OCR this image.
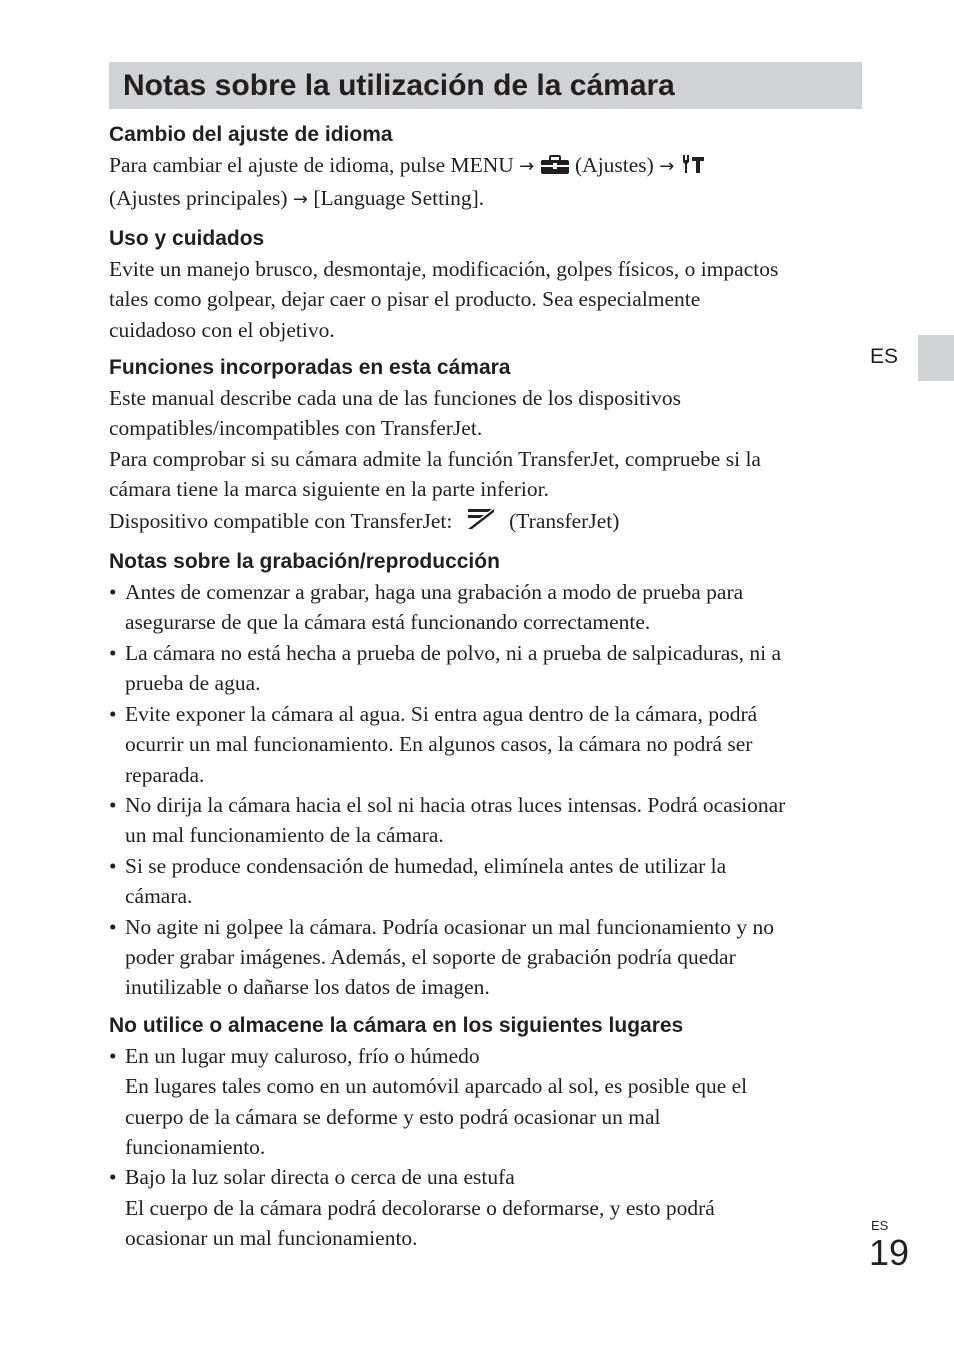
Notas sobre la utilización de la cámara
ES

Cambio del ajuste de idioma

Para cambiar el ajuste de idioma, pulse MENU → (Ajustes) →

(Ajustes principales) → [Language Setting].

Uso y cuidados

Evite un manejo brusco, desmontaje, modificación, golpes físicos, o impactos

tales como golpear, dejar caer o pisar el producto. Sea especialmente

cuidadoso con el objetivo.

Funciones incorporadas en esta cámara

Este manual describe cada una de las funciones de los dispositivos

compatibles/incompatibles con TransferJet.

Para comprobar si su cámara admite la función TransferJet, compruebe si la

cámara tiene la marca siguiente en la parte inferior.

Dispositivo compatible con TransferJet:	(TransferJet)

Notas sobre la grabación/reproducción

• Antes de comenzar a grabar, haga una grabación a modo de prueba para
asegurarse de que la cámara está funcionando correctamente.
• La cámara no está hecha a prueba de polvo, ni a prueba de salpicaduras, ni a
prueba de agua.
• Evite exponer la cámara al agua. Si entra agua dentro de la cámara, podrá
ocurrir un mal funcionamiento. En algunos casos, la cámara no podrá ser
reparada.
• No dirija la cámara hacia el sol ni hacia otras luces intensas. Podrá ocasionar
un mal funcionamiento de la cámara.
• Si se produce condensación de humedad, elimínela antes de utilizar la
cámara.
• No agite ni golpee la cámara. Podría ocasionar un mal funcionamiento y no
poder grabar imágenes. Además, el soporte de grabación podría quedar
inutilizable o dañarse los datos de imagen.

No utilice o almacene la cámara en los siguientes lugares

• En un lugar muy caluroso, frío o húmedo
En lugares tales como en un automóvil aparcado al sol, es posible que el
cuerpo de la cámara se deforme y esto podrá ocasionar un mal
funcionamiento.
• Bajo la luz solar directa o cerca de una estufa
El cuerpo de la cámara podrá decolorarse o deformarse, y esto podrá
ocasionar un mal funcionamiento.
ES
19
